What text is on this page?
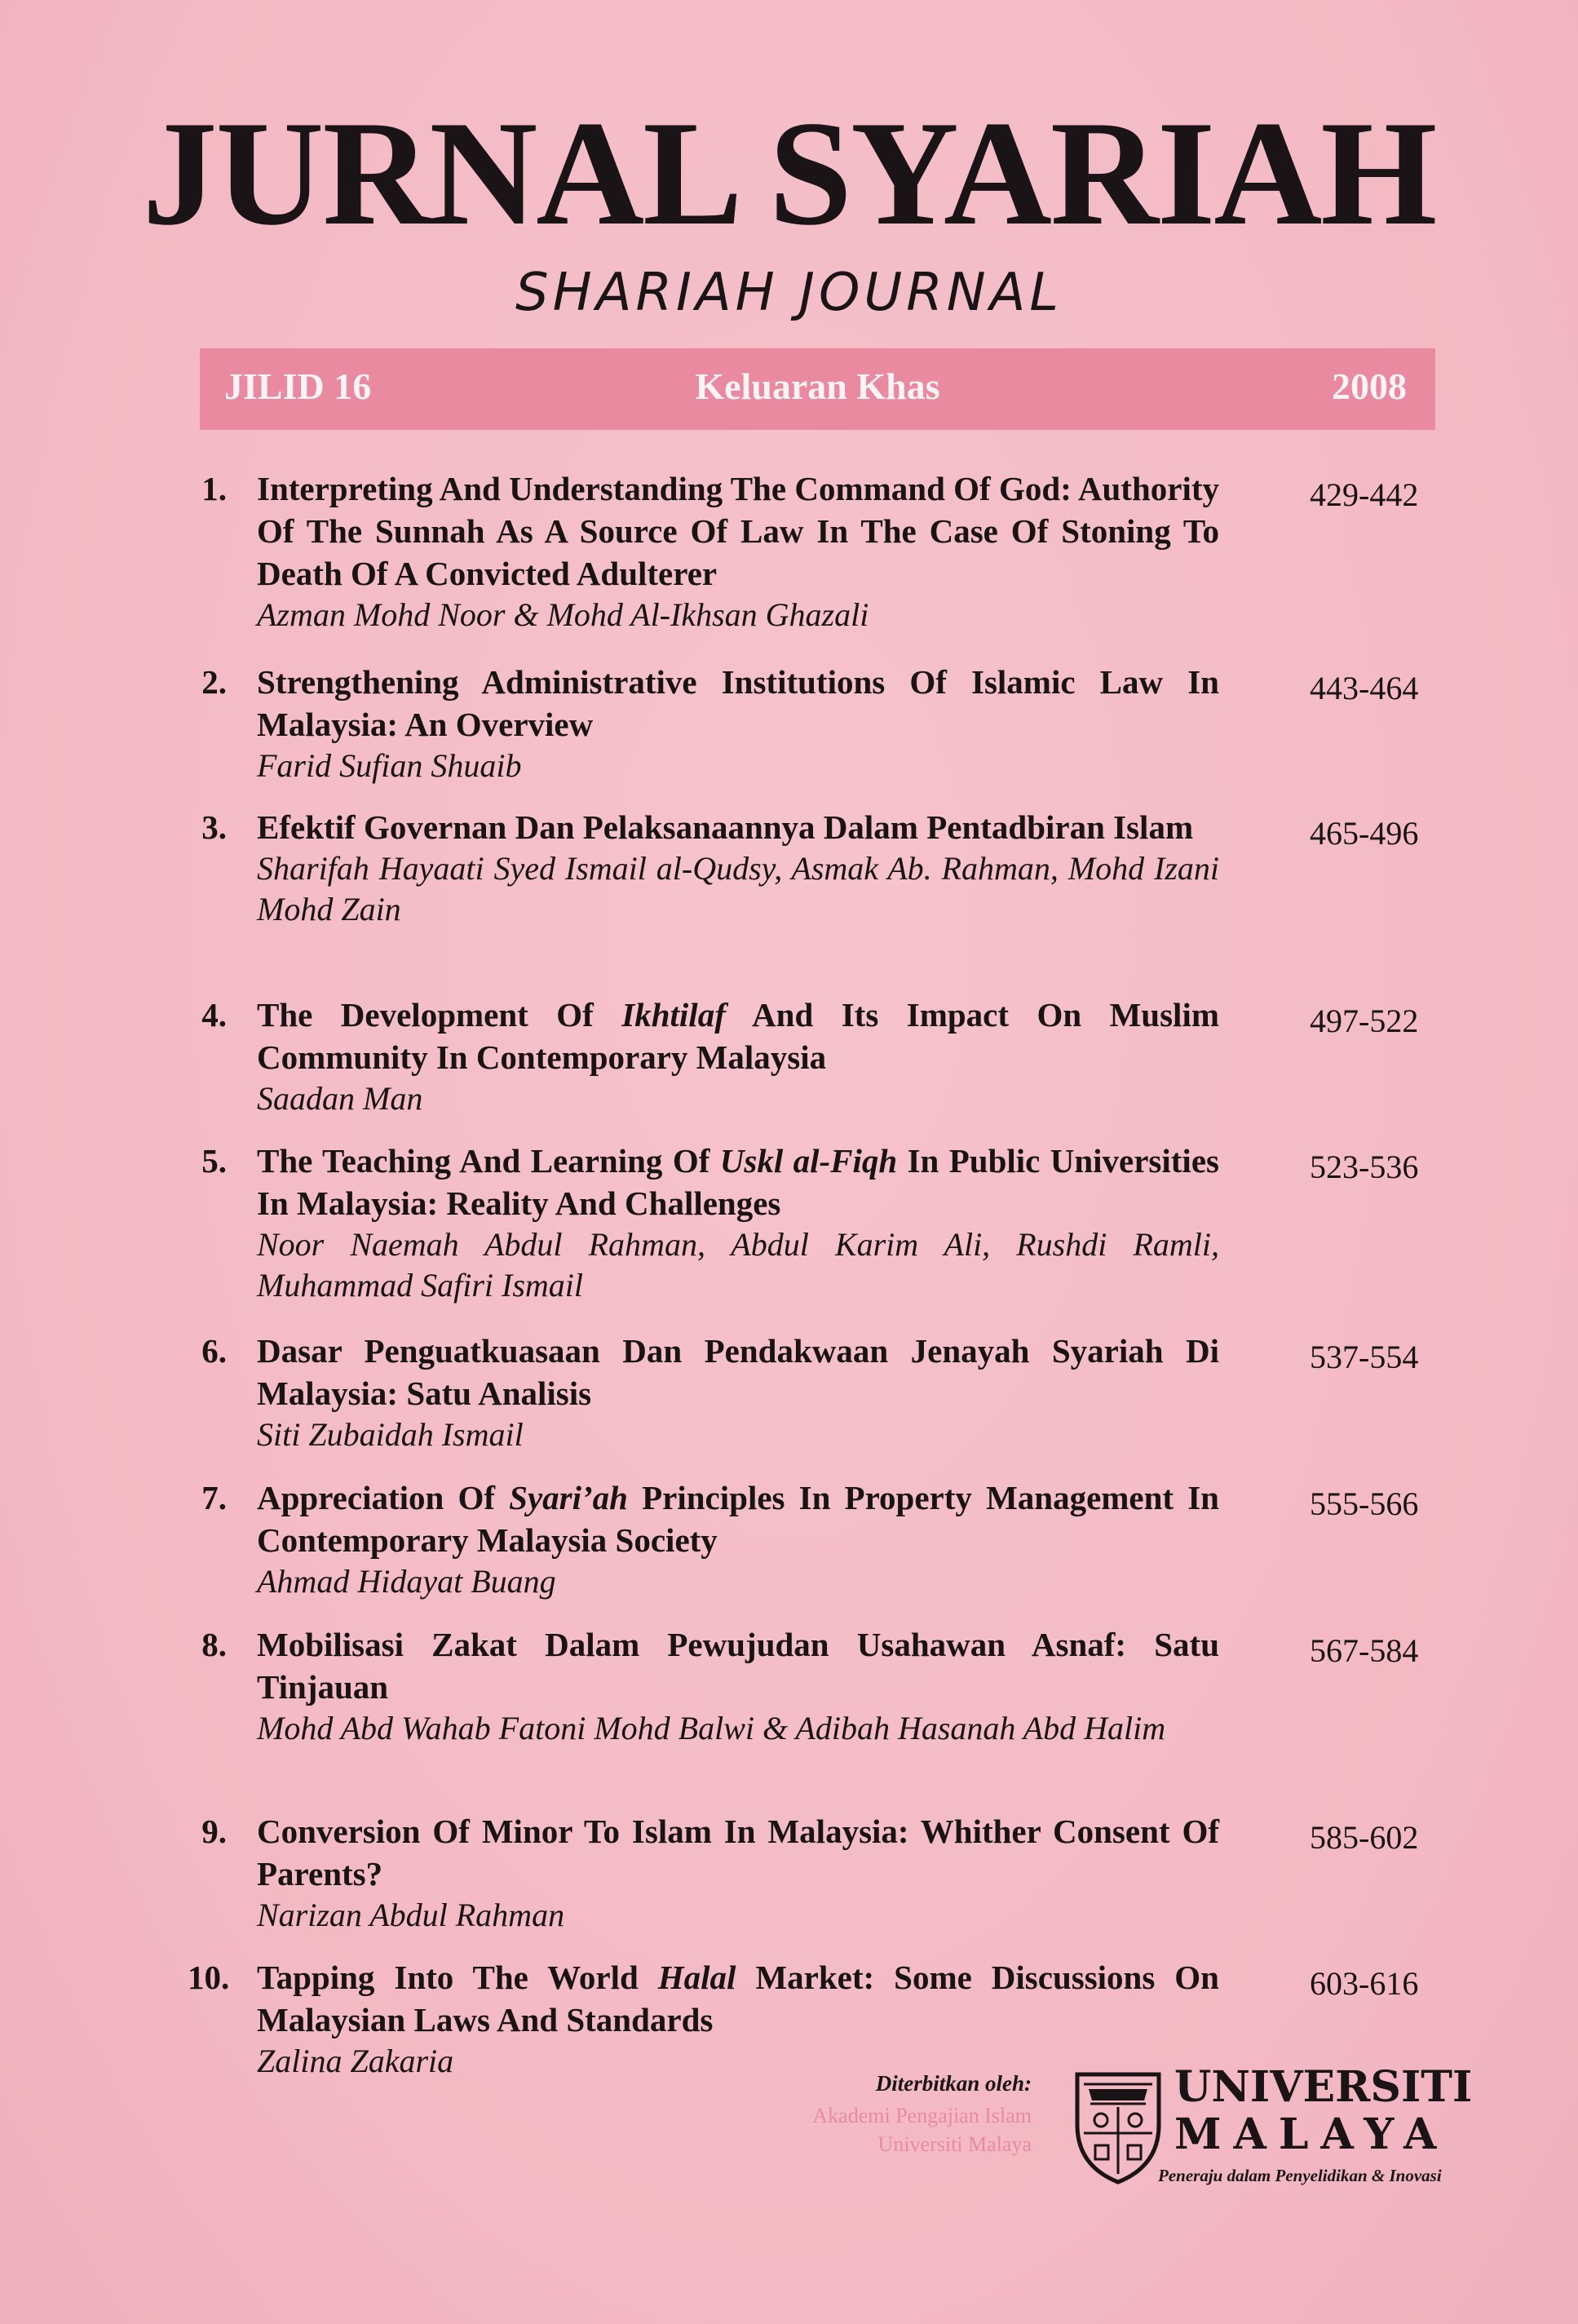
JURNAL SYARIAH
SHARIAH JOURNAL
Keluaran Khas
JILID 16	2008
1. Interpreting And Understanding The Command Of God: Authority Of The Sunnah As A Source Of Law In The Case Of Stoning To Death Of A Convicted Adulterer
Azman Mohd Noor & Mohd Al-Ikhsan Ghazali
429-442
2. Strengthening Administrative Institutions Of Islamic Law In Malaysia: An Overview
Farid Sufian Shuaib
443-464
3. Efektif Governan Dan Pelaksanaannya Dalam Pentadbiran Islam
Sharifah Hayaati Syed Ismail al-Qudsy, Asmak Ab. Rahman, Mohd Izani Mohd Zain
465-496
4. The Development Of Ikhtilaf And Its Impact On Muslim Community In Contemporary Malaysia
Saadan Man
497-522
5. The Teaching And Learning Of Uskl al-Fiqh In Public Universities In Malaysia: Reality And Challenges
Noor Naemah Abdul Rahman, Abdul Karim Ali, Rushdi Ramli, Muhammad Safiri Ismail
523-536
6. Dasar Penguatkuasaan Dan Pendakwaan Jenayah Syariah Di Malaysia: Satu Analisis
Siti Zubaidah Ismail
537-554
7. Appreciation Of Syari’ah Principles In Property Management In Contemporary Malaysia Society
Ahmad Hidayat Buang
555-566
8. Mobilisasi Zakat Dalam Pewujudan Usahawan Asnaf: Satu Tinjauan
Mohd Abd Wahab Fatoni Mohd Balwi & Adibah Hasanah Abd Halim
567-584
9. Conversion Of Minor To Islam In Malaysia: Whither Consent Of Parents?
Narizan Abdul Rahman
585-602
10. Tapping Into The World Halal Market: Some Discussions On Malaysian Laws And Standards
Zalina Zakaria
603-616
Diterbitkan oleh:
Akademi Pengajian Islam
Universiti Malaya
UNIVERSITI
MALAYA
Peneraju dalam Penyelidikan & Inovasi
